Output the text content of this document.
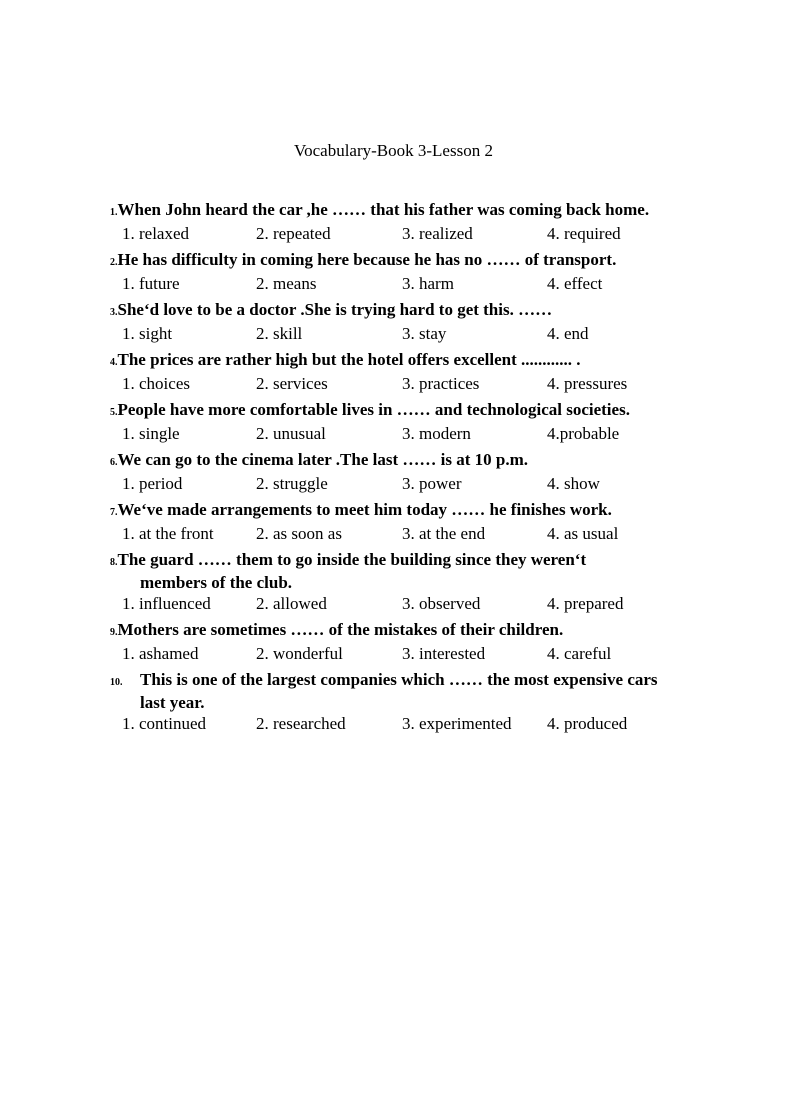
Vocabulary-Book 3-Lesson 2
1. When John heard the car ,he …… that his father was coming back home.
1. relaxed	2. repeated	3. realized	4. required
2. He has difficulty in coming here because he has no …… of transport.
1. future	2. means	3. harm	4. effect
3. She‘d love to be a doctor .She is trying hard to get this. ……
1. sight	2. skill	3. stay	4. end
4. The prices are rather high but the hotel offers excellent ............ .
1. choices	2. services	3. practices	4. pressures
5. People have more comfortable lives in …… and technological societies.
1. single	2. unusual	3. modern	4.probable
6. We can go to the cinema later .The last …… is at 10 p.m.
1. period	2. struggle	3. power	4. show
7. We‘ve made arrangements to meet him today …… he finishes work.
1. at the front	2. as soon as	3. at the end	4. as usual
8. The guard …… them to go inside the building since they weren‘t
members of the club.
1. influenced	2. allowed	3. observed	4. prepared
9. Mothers are sometimes …… of the mistakes of their children.
1. ashamed	2. wonderful	3. interested	4. careful
10.	This is one of the largest companies which …… the most expensive cars
last year.
1. continued	2. researched	3. experimented	4. produced
